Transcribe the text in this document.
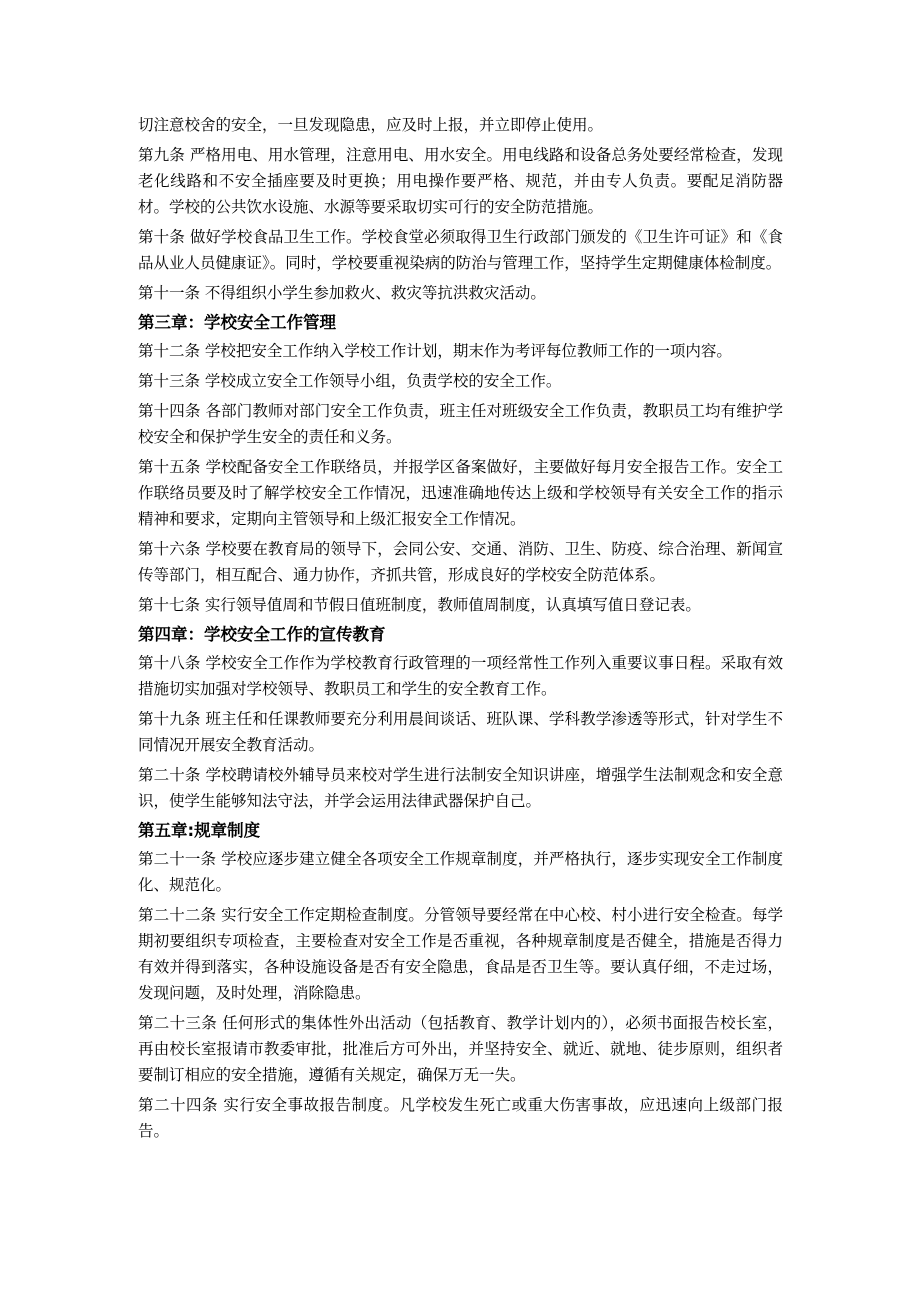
切注意校舍的安全，一旦发现隐患，应及时上报，并立即停止使用。

第九条 严格用电、用水管理，注意用电、用水安全。用电线路和设备总务处要经常检查，发现老化线路和不安全插座要及时更换；用电操作要严格、规范，并由专人负责。要配足消防器材。学校的公共饮水设施、水源等要采取切实可行的安全防范措施。

第十条 做好学校食品卫生工作。学校食堂必须取得卫生行政部门颁发的《卫生许可证》和《食品从业人员健康证》。同时，学校要重视染病的防治与管理工作，坚持学生定期健康体检制度。

第十一条 不得组织小学生参加救火、救灾等抗洪救灾活动。

第三章：学校安全工作管理

第十二条 学校把安全工作纳入学校工作计划，期末作为考评每位教师工作的一项内容。

第十三条 学校成立安全工作领导小组，负责学校的安全工作。

第十四条 各部门教师对部门安全工作负责，班主任对班级安全工作负责，教职员工均有维护学校安全和保护学生安全的责任和义务。

第十五条 学校配备安全工作联络员，并报学区备案做好，主要做好每月安全报告工作。安全工作联络员要及时了解学校安全工作情况，迅速准确地传达上级和学校领导有关安全工作的指示精神和要求，定期向主管领导和上级汇报安全工作情况。

第十六条 学校要在教育局的领导下，会同公安、交通、消防、卫生、防疫、综合治理、新闻宣传等部门，相互配合、通力协作，齐抓共管，形成良好的学校安全防范体系。

第十七条 实行领导值周和节假日值班制度，教师值周制度，认真填写值日登记表。

第四章：学校安全工作的宣传教育

第十八条 学校安全工作作为学校教育行政管理的一项经常性工作列入重要议事日程。采取有效措施切实加强对学校领导、教职员工和学生的安全教育工作。

第十九条 班主任和任课教师要充分利用晨间谈话、班队课、学科教学渗透等形式，针对学生不同情况开展安全教育活动。

第二十条 学校聘请校外辅导员来校对学生进行法制安全知识讲座，增强学生法制观念和安全意识，使学生能够知法守法，并学会运用法律武器保护自己。

第五章:规章制度

第二十一条 学校应逐步建立健全各项安全工作规章制度，并严格执行，逐步实现安全工作制度化、规范化。

第二十二条 实行安全工作定期检查制度。分管领导要经常在中心校、村小进行安全检查。每学期初要组织专项检查，主要检查对安全工作是否重视，各种规章制度是否健全，措施是否得力有效并得到落实，各种设施设备是否有安全隐患，食品是否卫生等。要认真仔细，不走过场，发现问题，及时处理，消除隐患。

第二十三条 任何形式的集体性外出活动（包括教育、教学计划内的），必须书面报告校长室，再由校长室报请市教委审批，批准后方可外出，并坚持安全、就近、就地、徒步原则，组织者要制订相应的安全措施，遵循有关规定，确保万无一失。

第二十四条 实行安全事故报告制度。凡学校发生死亡或重大伤害事故，应迅速向上级部门报告。
